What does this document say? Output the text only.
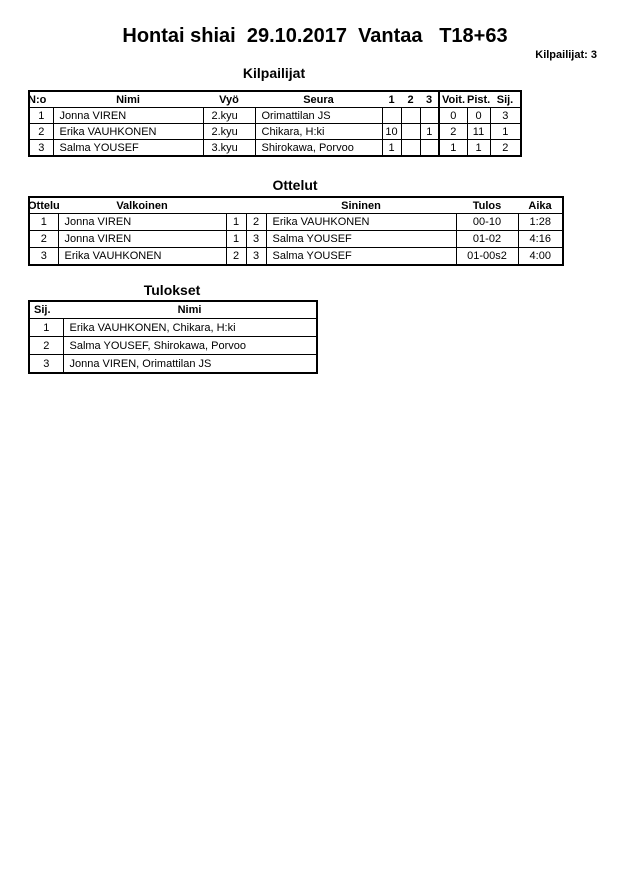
Hontai shiai  29.10.2017  Vantaa   T18+63
Kilpailijat: 3
Kilpailijat
N:o	Nimi	Vyö	Seura	1	2	3	Voit.	Pist.	Sij.
1	Jonna VIREN	2.kyu	Orimattilan JS				0	0	3
2	Erika VAUHKONEN	2.kyu	Chikara, H:ki	10		1	2	11	1
3	Salma YOUSEF	3.kyu	Shirokawa, Porvoo	1			1	1	2
Ottelut
Ottelu	Valkoinen			Sininen	Tulos	Aika
1	Jonna VIREN	1	2	Erika VAUHKONEN	00-10	1:28
2	Jonna VIREN	1	3	Salma YOUSEF	01-02	4:16
3	Erika VAUHKONEN	2	3	Salma YOUSEF	01-00s2	4:00
Tulokset
Sij.	Nimi
1	Erika VAUHKONEN, Chikara, H:ki
2	Salma YOUSEF, Shirokawa, Porvoo
3	Jonna VIREN, Orimattilan JS
